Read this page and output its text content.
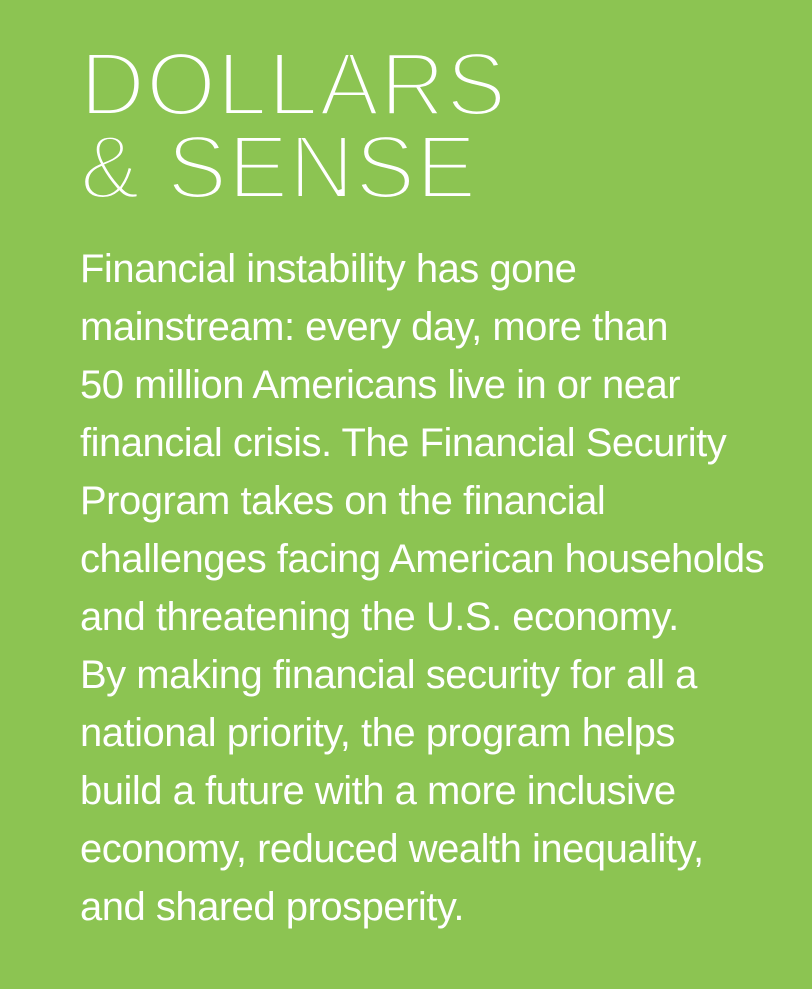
DOLLARS
& SENSE
Financial instability has gone
mainstream: every day, more than
50 million Americans live in or near
financial crisis. The Financial Security
Program takes on the financial
challenges facing American households
and threatening the U.S. economy.
By making financial security for all a
national priority, the program helps
build a future with a more inclusive
economy, reduced wealth inequality,
and shared prosperity.
